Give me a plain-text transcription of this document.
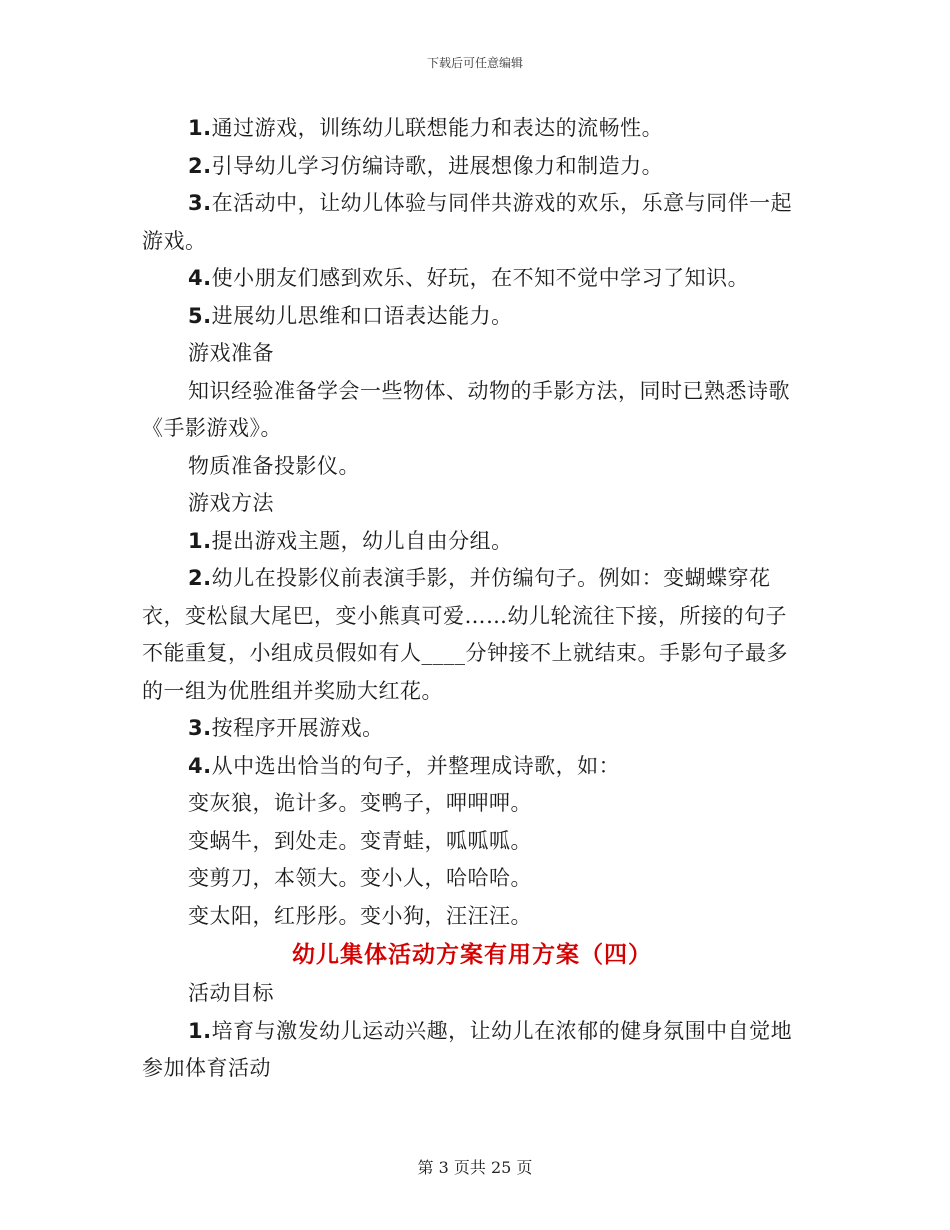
下载后可任意编辑

1.通过游戏，训练幼儿联想能力和表达的流畅性。

2.引导幼儿学习仿编诗歌，进展想像力和制造力。

3.在活动中，让幼儿体验与同伴共游戏的欢乐，乐意与同伴一起游戏。

4.使小朋友们感到欢乐、好玩，在不知不觉中学习了知识。

5.进展幼儿思维和口语表达能力。

游戏准备

知识经验准备学会一些物体、动物的手影方法，同时已熟悉诗歌《手影游戏》。

物质准备投影仪。

游戏方法

1.提出游戏主题，幼儿自由分组。

2.幼儿在投影仪前表演手影，并仿编句子。例如：变蝴蝶穿花衣，变松鼠大尾巴，变小熊真可爱……幼儿轮流往下接，所接的句子不能重复，小组成员假如有人____分钟接不上就结束。手影句子最多的一组为优胜组并奖励大红花。

3.按程序开展游戏。

4.从中选出恰当的句子，并整理成诗歌，如：

变灰狼，诡计多。变鸭子，呷呷呷。

变蜗牛，到处走。变青蛙，呱呱呱。

变剪刀，本领大。变小人，哈哈哈。

变太阳，红彤彤。变小狗，汪汪汪。

幼儿集体活动方案有用方案（四）

活动目标

1.培育与激发幼儿运动兴趣，让幼儿在浓郁的健身氛围中自觉地参加体育活动

第 3 页共 25 页
